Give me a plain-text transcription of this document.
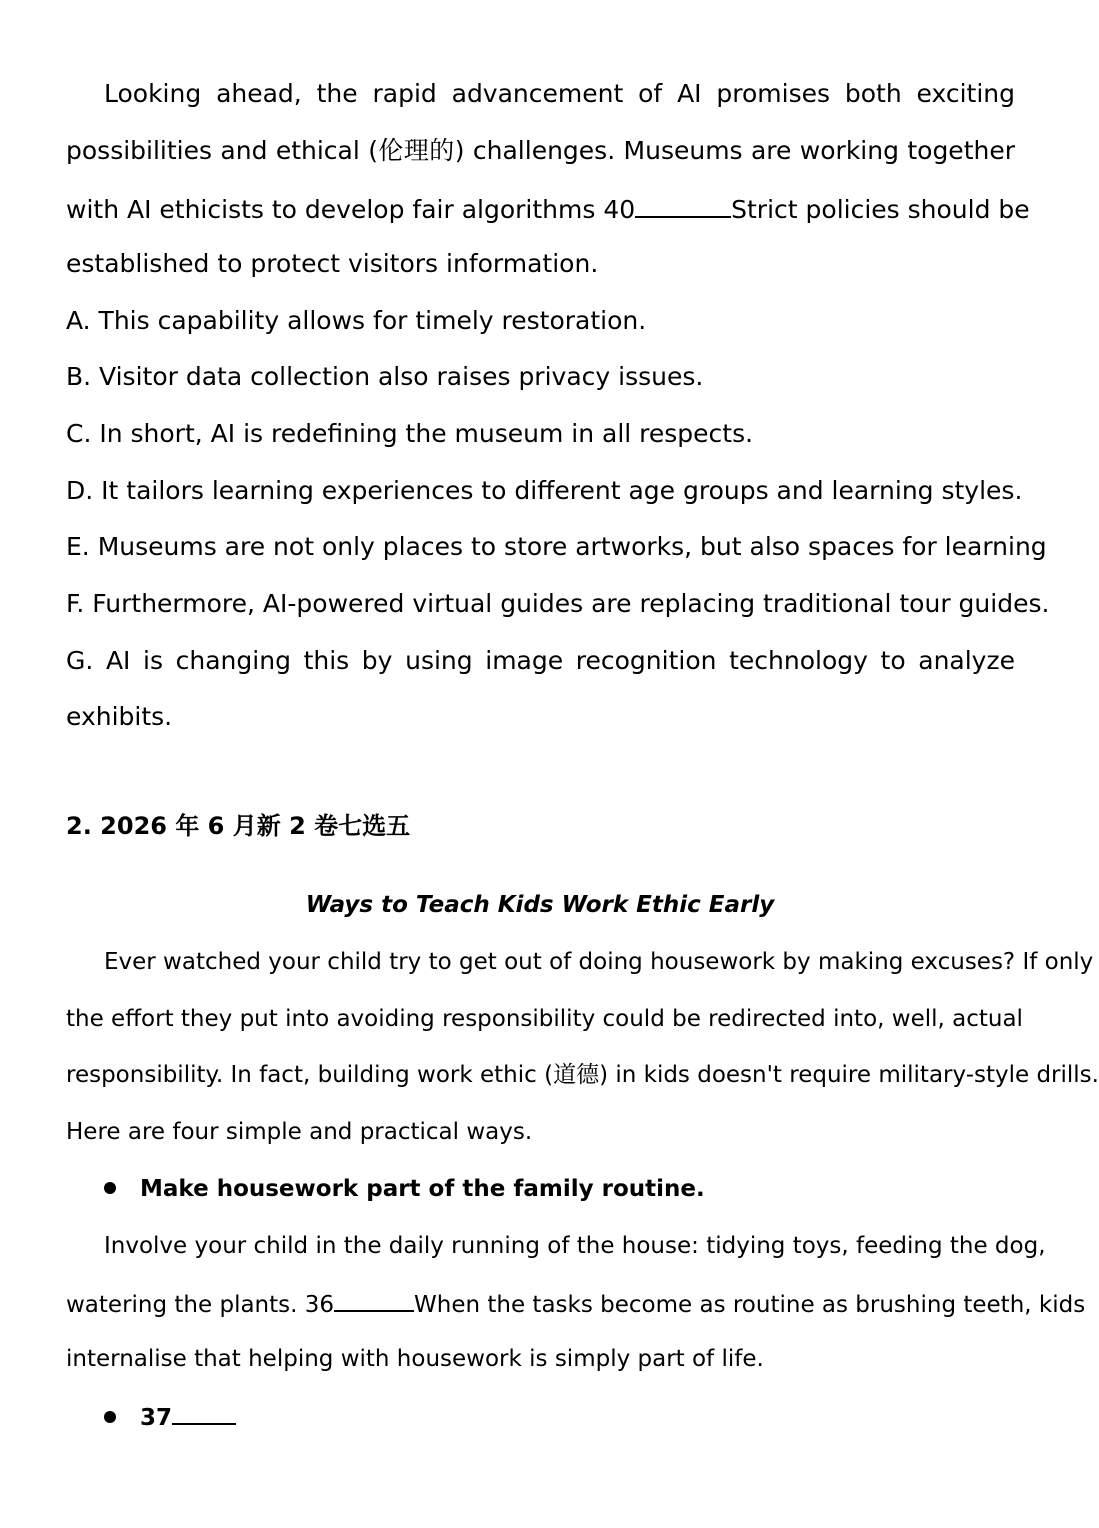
Looking ahead, the rapid advancement of AI promises both exciting
possibilities and ethical (伦理的) challenges. Museums are working together
with AI ethicists to develop fair algorithms 40	Strict policies should be
established to protect visitors information.
A. This capability allows for timely restoration.
B. Visitor data collection also raises privacy issues.
C. In short, AI is redefining the museum in all respects.
D. It tailors learning experiences to different age groups and learning styles.
E. Museums are not only places to store artworks, but also spaces for learning
F. Furthermore, AI-powered virtual guides are replacing traditional tour guides.
G. AI is changing this by using image recognition technology to analyze
exhibits.
2. 2026 年 6 月新 2 卷七选五
Ways to Teach Kids Work Ethic Early
Ever watched your child try to get out of doing housework by making excuses? If only
the effort they put into avoiding responsibility could be redirected into, well, actual
responsibility. In fact, building work ethic (道德) in kids doesn't require military-style drills.
Here are four simple and practical ways.
Make housework part of the family routine.
Involve your child in the daily running of the house: tidying toys, feeding the dog,
watering the plants. 36	When the tasks become as routine as brushing teeth, kids
internalise that helping with housework is simply part of life.
37
